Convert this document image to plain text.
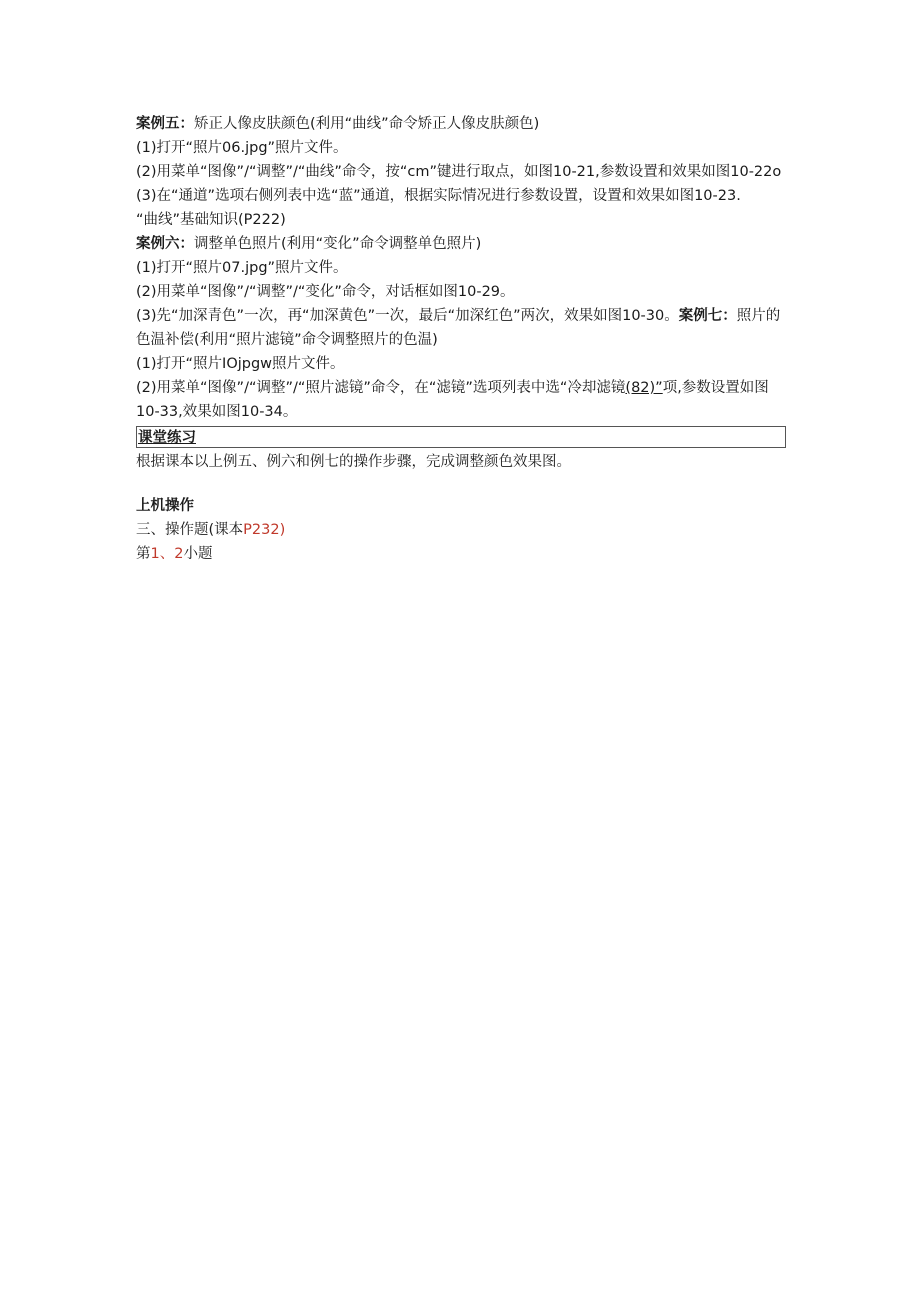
案例五：矫正人像皮肤颜色(利用“曲线”命令矫正人像皮肤颜色)
(1)打开“照片06.jpg”照片文件。
(2)用菜单“图像”/“调整”/“曲线”命令，按“cm”键进行取点，如图10-21,参数设置和效果如图10-22o
(3)在“通道”选项右侧列表中选“蓝”通道，根据实际情况进行参数设置，设置和效果如图10-23.
“曲线”基础知识(P222)
案例六：调整单色照片(利用“变化”命令调整单色照片)
(1)打开“照片07.jpg”照片文件。
(2)用菜单“图像”/“调整”/“变化”命令，对话框如图10-29。
(3)先“加深青色”一次，再“加深黄色”一次，最后“加深红色”两次，效果如图10-30。案例七：照片的色温补偿(利用“照片滤镜”命令调整照片的色温)
(1)打开“照片IOjpgw照片文件。
(2)用菜单“图像”/“调整”/“照片滤镜”命令，在“滤镜”选项列表中选“冷却滤镜(82)”项,参数设置如图10-33,效果如图10-34。
课堂练习
根据课本以上例五、例六和例七的操作步骤，完成调整颜色效果图。
上机操作
三、操作题(课本P232)
第1、2小题
